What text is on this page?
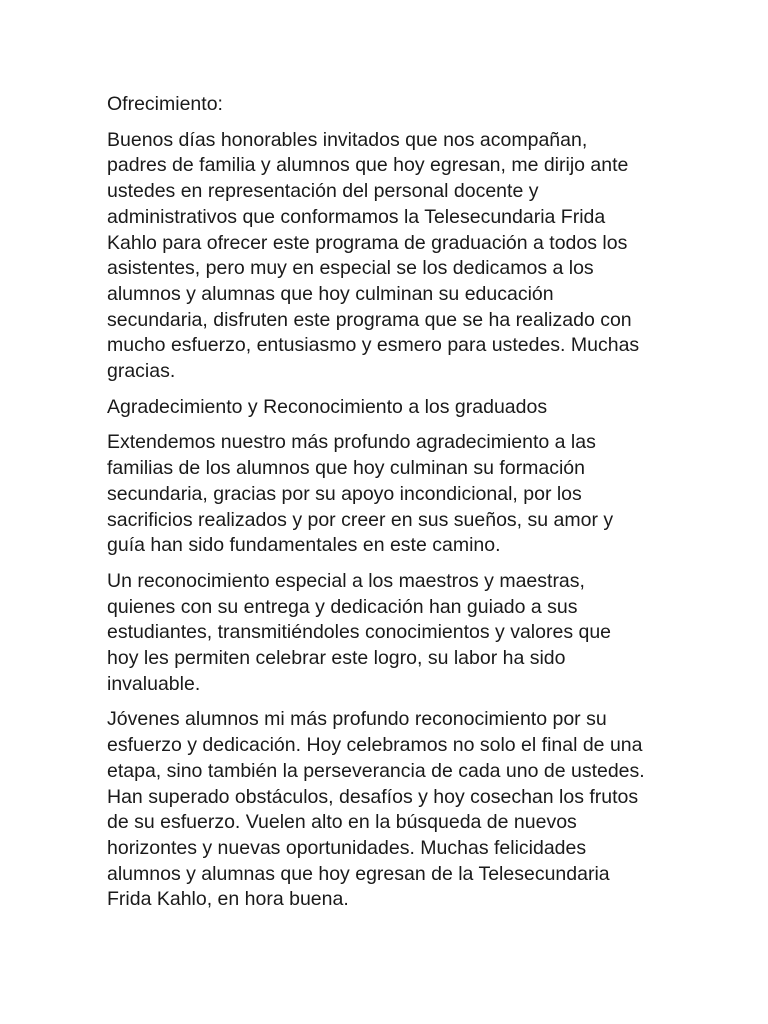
Ofrecimiento:

Buenos días honorables invitados que nos acompañan,
padres de familia y alumnos que hoy egresan, me dirijo ante
ustedes en representación del personal docente y
administrativos que conformamos la Telesecundaria Frida
Kahlo para ofrecer este programa de graduación a todos los
asistentes, pero muy en especial se los dedicamos a los
alumnos y alumnas que hoy culminan su educación
secundaria, disfruten este programa que se ha realizado con
mucho esfuerzo, entusiasmo y esmero para ustedes. Muchas
gracias.

Agradecimiento y Reconocimiento a los graduados

Extendemos nuestro más profundo agradecimiento a las
familias de los alumnos que hoy culminan su formación
secundaria, gracias por su apoyo incondicional, por los
sacrificios realizados y por creer en sus sueños, su amor y
guía han sido fundamentales en este camino.

Un reconocimiento especial a los maestros y maestras,
quienes con su entrega y dedicación han guiado a sus
estudiantes, transmitiéndoles conocimientos y valores que
hoy les permiten celebrar este logro, su labor ha sido
invaluable.

Jóvenes alumnos mi más profundo reconocimiento por su
esfuerzo y dedicación. Hoy celebramos no solo el final de una
etapa, sino también la perseverancia de cada uno de ustedes.
Han superado obstáculos, desafíos y hoy cosechan los frutos
de su esfuerzo. Vuelen alto en la búsqueda de nuevos
horizontes y nuevas oportunidades. Muchas felicidades
alumnos y alumnas que hoy egresan de la Telesecundaria
Frida Kahlo, en hora buena.
